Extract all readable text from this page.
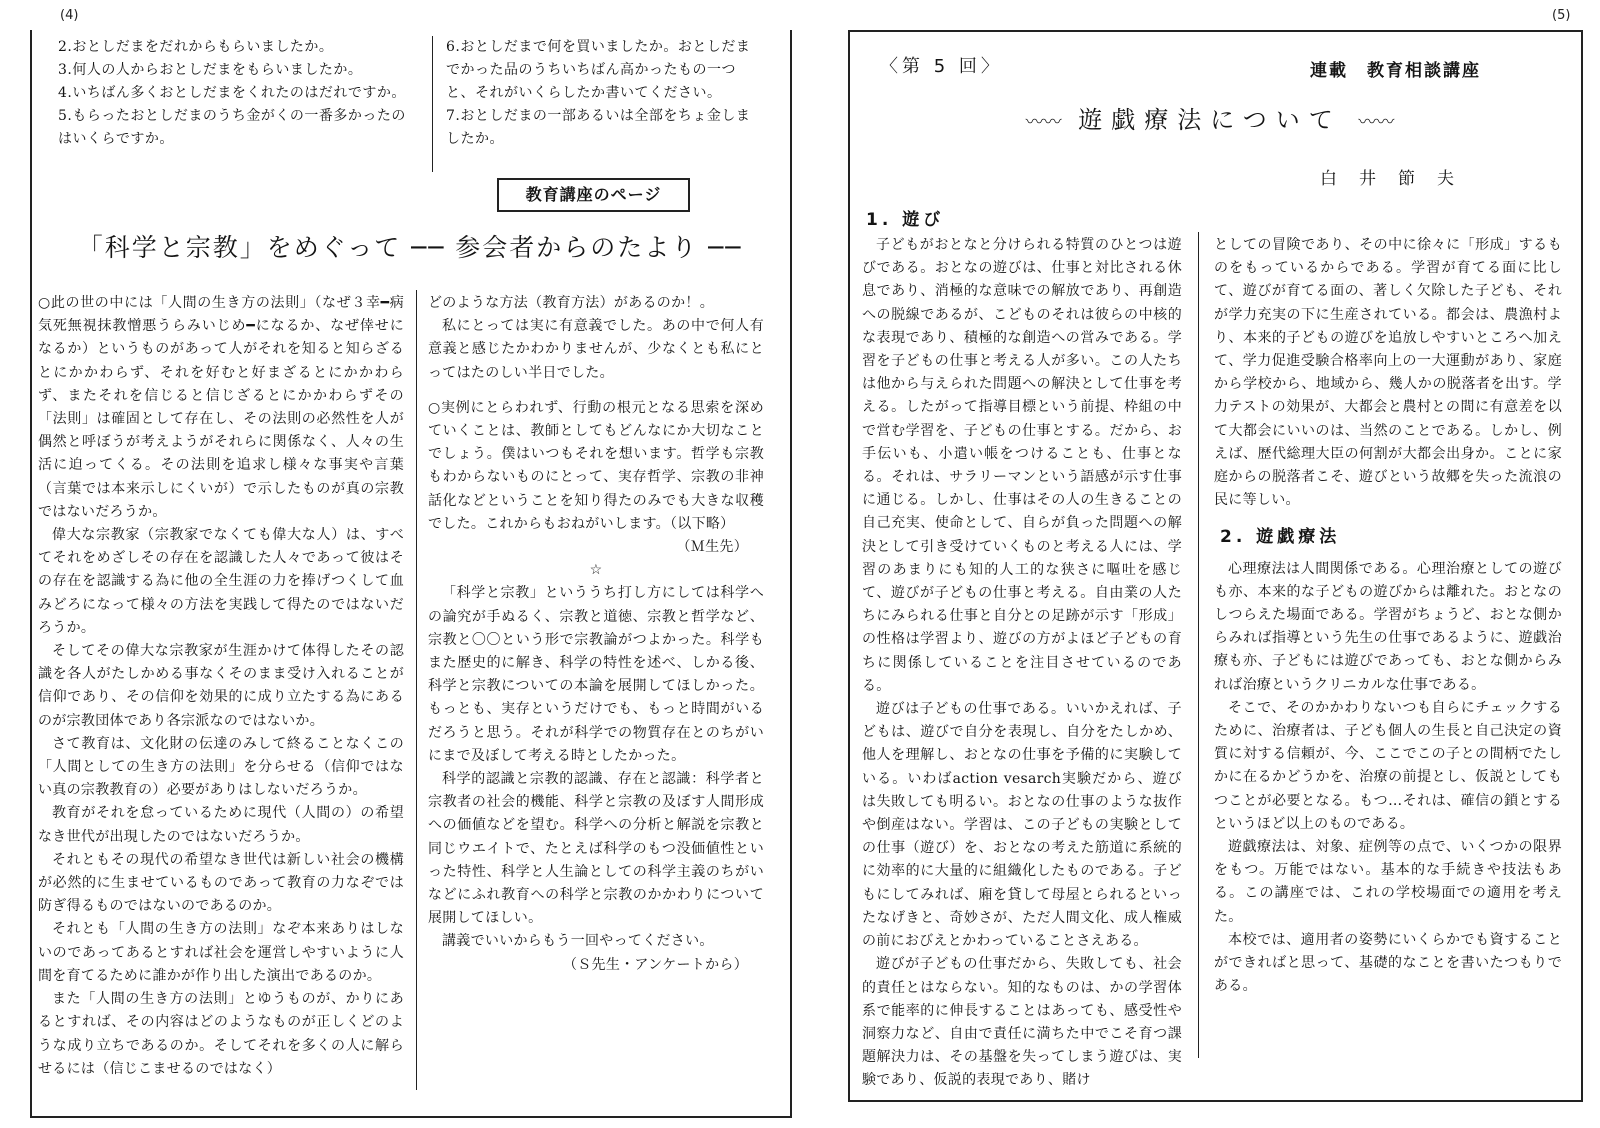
(4)

2.おとしだまをだれからもらいましたか。

3.何人の人からおとしだまをもらいましたか。

4.いちばん多くおとしだまをくれたのはだれですか。

5.もらったおとしだまのうち金がくの一番多かったのはいくらですか。

6.おとしだまで何を買いましたか。おとしだまでかった品のうちいちばん高かったもの一つと、それがいくらしたか書いてください。

7.おとしだまの一部あるいは全部をちょ金しましたか。

教育講座のページ
「科学と宗教」をめぐって ── 参会者からのたより ──

○此の世の中には「人間の生き方の法則」（なぜ３幸━病気死無視抹教憎悪うらみいじめ━になるか、なぜ倖せになるか）というものがあって人がそれを知ると知らざるとにかかわらず、それを好むと好まざるとにかかわらず、またそれを信じると信じざるとにかかわらずその「法則」は確固として存在し、その法則の必然性を人が偶然と呼ぼうが考えようがそれらに関係なく、人々の生活に迫ってくる。その法則を追求し様々な事実や言葉（言葉では本来示しにくいが）で示したものが真の宗教ではないだろうか。

偉大な宗教家（宗教家でなくても偉大な人）は、すべてそれをめざしその存在を認識した人々であって彼はその存在を認識する為に他の全生涯の力を捧げつくして血みどろになって様々の方法を実践して得たのではないだろうか。

そしてその偉大な宗教家が生涯かけて体得したその認識を各人がたしかめる事なくそのまま受け入れることが信仰であり、その信仰を効果的に成り立たする為にあるのが宗教団体であり各宗派なのではないか。

さて教育は、文化財の伝達のみして終ることなくこの「人間としての生き方の法則」を分らせる（信仰ではない真の宗教教育の）必要がありはしないだろうか。

教育がそれを怠っているために現代（人間の）の希望なき世代が出現したのではないだろうか。

それともその現代の希望なき世代は新しい社会の機構が必然的に生ませているものであって教育の力なぞでは防ぎ得るものではないのであるのか。

それとも「人間の生き方の法則」なぞ本来ありはしないのであってあるとすれば社会を運営しやすいように人間を育てるために誰かが作り出した演出であるのか。

また「人間の生き方の法則」とゆうものが、かりにあるとすれば、その内容はどのようなものが正しくどのような成り立ちであるのか。そしてそれを多くの人に解らせるには（信じこませるのではなく）

どのような方法（教育方法）があるのか！。

私にとっては実に有意義でした。あの中で何人有意義と感じたかわかりませんが、少なくとも私にとってはたのしい半日でした。

○実例にとらわれず、行動の根元となる思索を深めていくことは、教師としてもどんなにか大切なことでしょう。僕はいつもそれを想います。哲学も宗教もわからないものにとって、実存哲学、宗教の非神話化などということを知り得たのみでも大きな収穫でした。これからもおねがいします。（以下略）

（Ｍ生先）

☆

「科学と宗教」といううち打し方にしては科学への論究が手ぬるく、宗教と道徳、宗教と哲学など、宗教と〇〇という形で宗教論がつよかった。科学もまた歴史的に解き、科学の特性を述べ、しかる後、科学と宗教についての本論を展開してほしかった。もっとも、実存というだけでも、もっと時間がいるだろうと思う。それが科学での物質存在とのちがいにまで及ぼして考える時としたかった。

科学的認識と宗教的認識、存在と認識：科学者と宗教者の社会的機能、科学と宗教の及ぼす人間形成への価値などを望む。科学への分析と解説を宗教と同じウエイトで、たとえば科学のもつ没価値性といった特性、科学と人生論としての科学主義のちがいなどにふれ教育への科学と宗教のかかわりについて展開してほしい。

講義でいいからもう一回やってください。

（Ｓ先生・アンケートから）

(5)
〈第 5 回〉	連載　教育相談講座
〰〰 遊戯療法について 〰〰
白井節夫
1. 遊び

子どもがおとなと分けられる特質のひとつは遊びである。おとなの遊びは、仕事と対比される休息であり、消極的な意味での解放であり、再創造への脱線であるが、こどものそれは彼らの中核的な表現であり、積極的な創造への営みである。学習を子どもの仕事と考える人が多い。この人たちは他から与えられた問題への解決として仕事を考える。したがって指導目標という前提、枠組の中で営む学習を、子どもの仕事とする。だから、お手伝いも、小遣い帳をつけることも、仕事となる。それは、サラリーマンという語感が示す仕事に通じる。しかし、仕事はその人の生きることの自己充実、使命として、自らが負った問題への解決として引き受けていくものと考える人には、学習のあまりにも知的人工的な狭さに嘔吐を感じて、遊びが子どもの仕事と考える。自由業の人たちにみられる仕事と自分との足跡が示す「形成」の性格は学習より、遊びの方がよほど子どもの育ちに関係していることを注目させているのである。

遊びは子どもの仕事である。いいかえれば、子どもは、遊びで自分を表現し、自分をたしかめ、他人を理解し、おとなの仕事を予備的に実験している。いわばaction vesarch実験だから、遊びは失敗しても明るい。おとなの仕事のような抜作や倒産はない。学習は、この子どもの実験としての仕事（遊び）を、おとなの考えた筋道に系統的に効率的に大量的に組織化したものである。子どもにしてみれば、廂を貸して母屋とられるといったなげきと、奇妙さが、ただ人間文化、成人権威の前におびえとかわっていることさえある。

遊びが子どもの仕事だから、失敗しても、社会的責任とはならない。知的なものは、かの学習体系で能率的に伸長することはあっても、感受性や洞察力など、自由で責任に満ちた中でこそ育つ課題解決力は、その基盤を失ってしまう遊びは、実験であり、仮説的表現であり、賭け

としての冒険であり、その中に徐々に「形成」するものをもっているからである。学習が育てる面に比して、遊びが育てる面の、著しく欠除した子ども、それが学力充実の下に生産されている。都会は、農漁村より、本来的子どもの遊びを追放しやすいところへ加えて、学力促進受験合格率向上の一大運動があり、家庭から学校から、地域から、幾人かの脱落者を出す。学力テストの効果が、大都会と農村との間に有意差を以て大都会にいいのは、当然のことである。しかし、例えば、歴代総理大臣の何割が大都会出身か。ことに家庭からの脱落者こそ、遊びという故郷を失った流浪の民に等しい。

2. 遊戯療法

心理療法は人間関係である。心理治療としての遊びも亦、本来的な子どもの遊びからは離れた。おとなのしつらえた場面である。学習がちょうど、おとな側からみれば指導という先生の仕事であるように、遊戯治療も亦、子どもには遊びであっても、おとな側からみれば治療というクリニカルな仕事である。

そこで、そのかかわりないつも自らにチェックするために、治療者は、子ども個人の生長と自己決定の資質に対する信頼が、今、ここでこの子との間柄でたしかに在るかどうかを、治療の前提とし、仮説としてもつことが必要となる。もつ…それは、確信の鎖とするというほど以上のものである。

遊戯療法は、対象、症例等の点で、いくつかの限界をもつ。万能ではない。基本的な手続きや技法もある。この講座では、これの学校場面での適用を考えた。

本校では、適用者の姿勢にいくらかでも資することができればと思って、基礎的なことを書いたつもりである。
